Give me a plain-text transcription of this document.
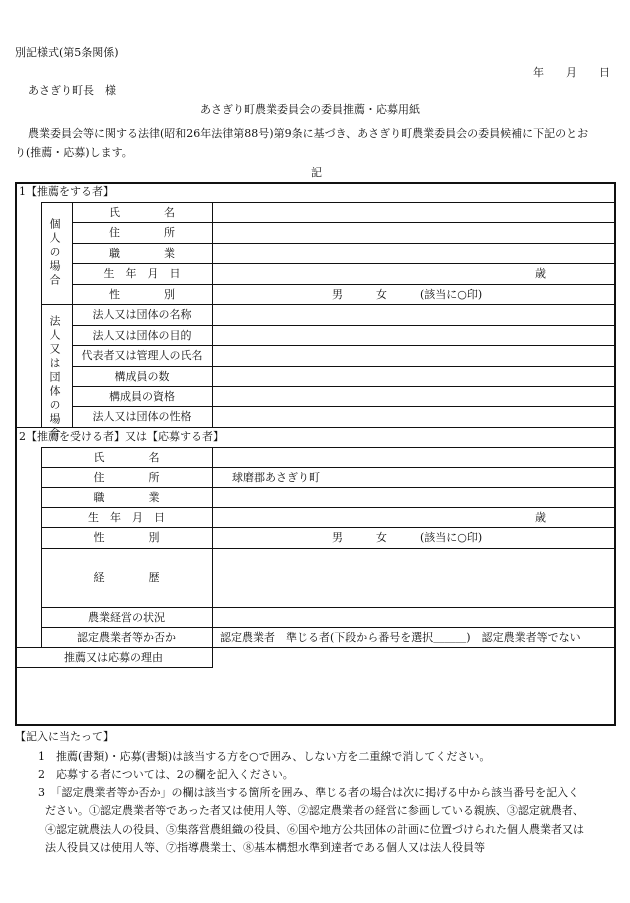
別記様式(第5条関係)
年　　月　　日
あさぎり町長　様
あさぎり町農業委員会の委員推薦・応募用紙
農業委員会等に関する法律(昭和26年法律第88号)第9条に基づき、あさぎり町農業委員会の委員候補に下記のとお
り(推薦・応募)します。
記
1【推薦をする者】
個人の場合
法人又は団体の場合
氏　　　　名
住　　　　所
職　　　　業
生　年　月　日
性　　　　別
歳
男　　　女　　　(該当に○印)
法人又は団体の名称
法人又は団体の目的
代表者又は管理人の氏名
構成員の数
構成員の資格
法人又は団体の性格
2【推薦を受ける者】又は【応募する者】
氏　　　　名
住　　　　所
職　　　　業
生　年　月　日
性　　　　別
経　　　　歴
農業経営の状況
認定農業者等か否か
球磨郡あさぎり町
歳
男　　　女　　　(該当に○印)
認定農業者　準じる者(下段から番号を選択＿＿＿)　認定農業者等でない
推薦又は応募の理由
【記入に当たって】
1　推薦(書類)・応募(書類)は該当する方を○で囲み、しない方を二重線で消してください。
2　応募する者については、2の欄を記入ください。
3　「認定農業者等か否か」の欄は該当する箇所を囲み、準じる者の場合は次に掲げる中から該当番号を記入く
ださい。①認定農業者等であった者又は使用人等、②認定農業者の経営に参画している親族、③認定就農者、
④認定就農法人の役員、⑤集落営農組織の役員、⑥国や地方公共団体の計画に位置づけられた個人農業者又は
法人役員又は使用人等、⑦指導農業士、⑧基本構想水準到達者である個人又は法人役員等
